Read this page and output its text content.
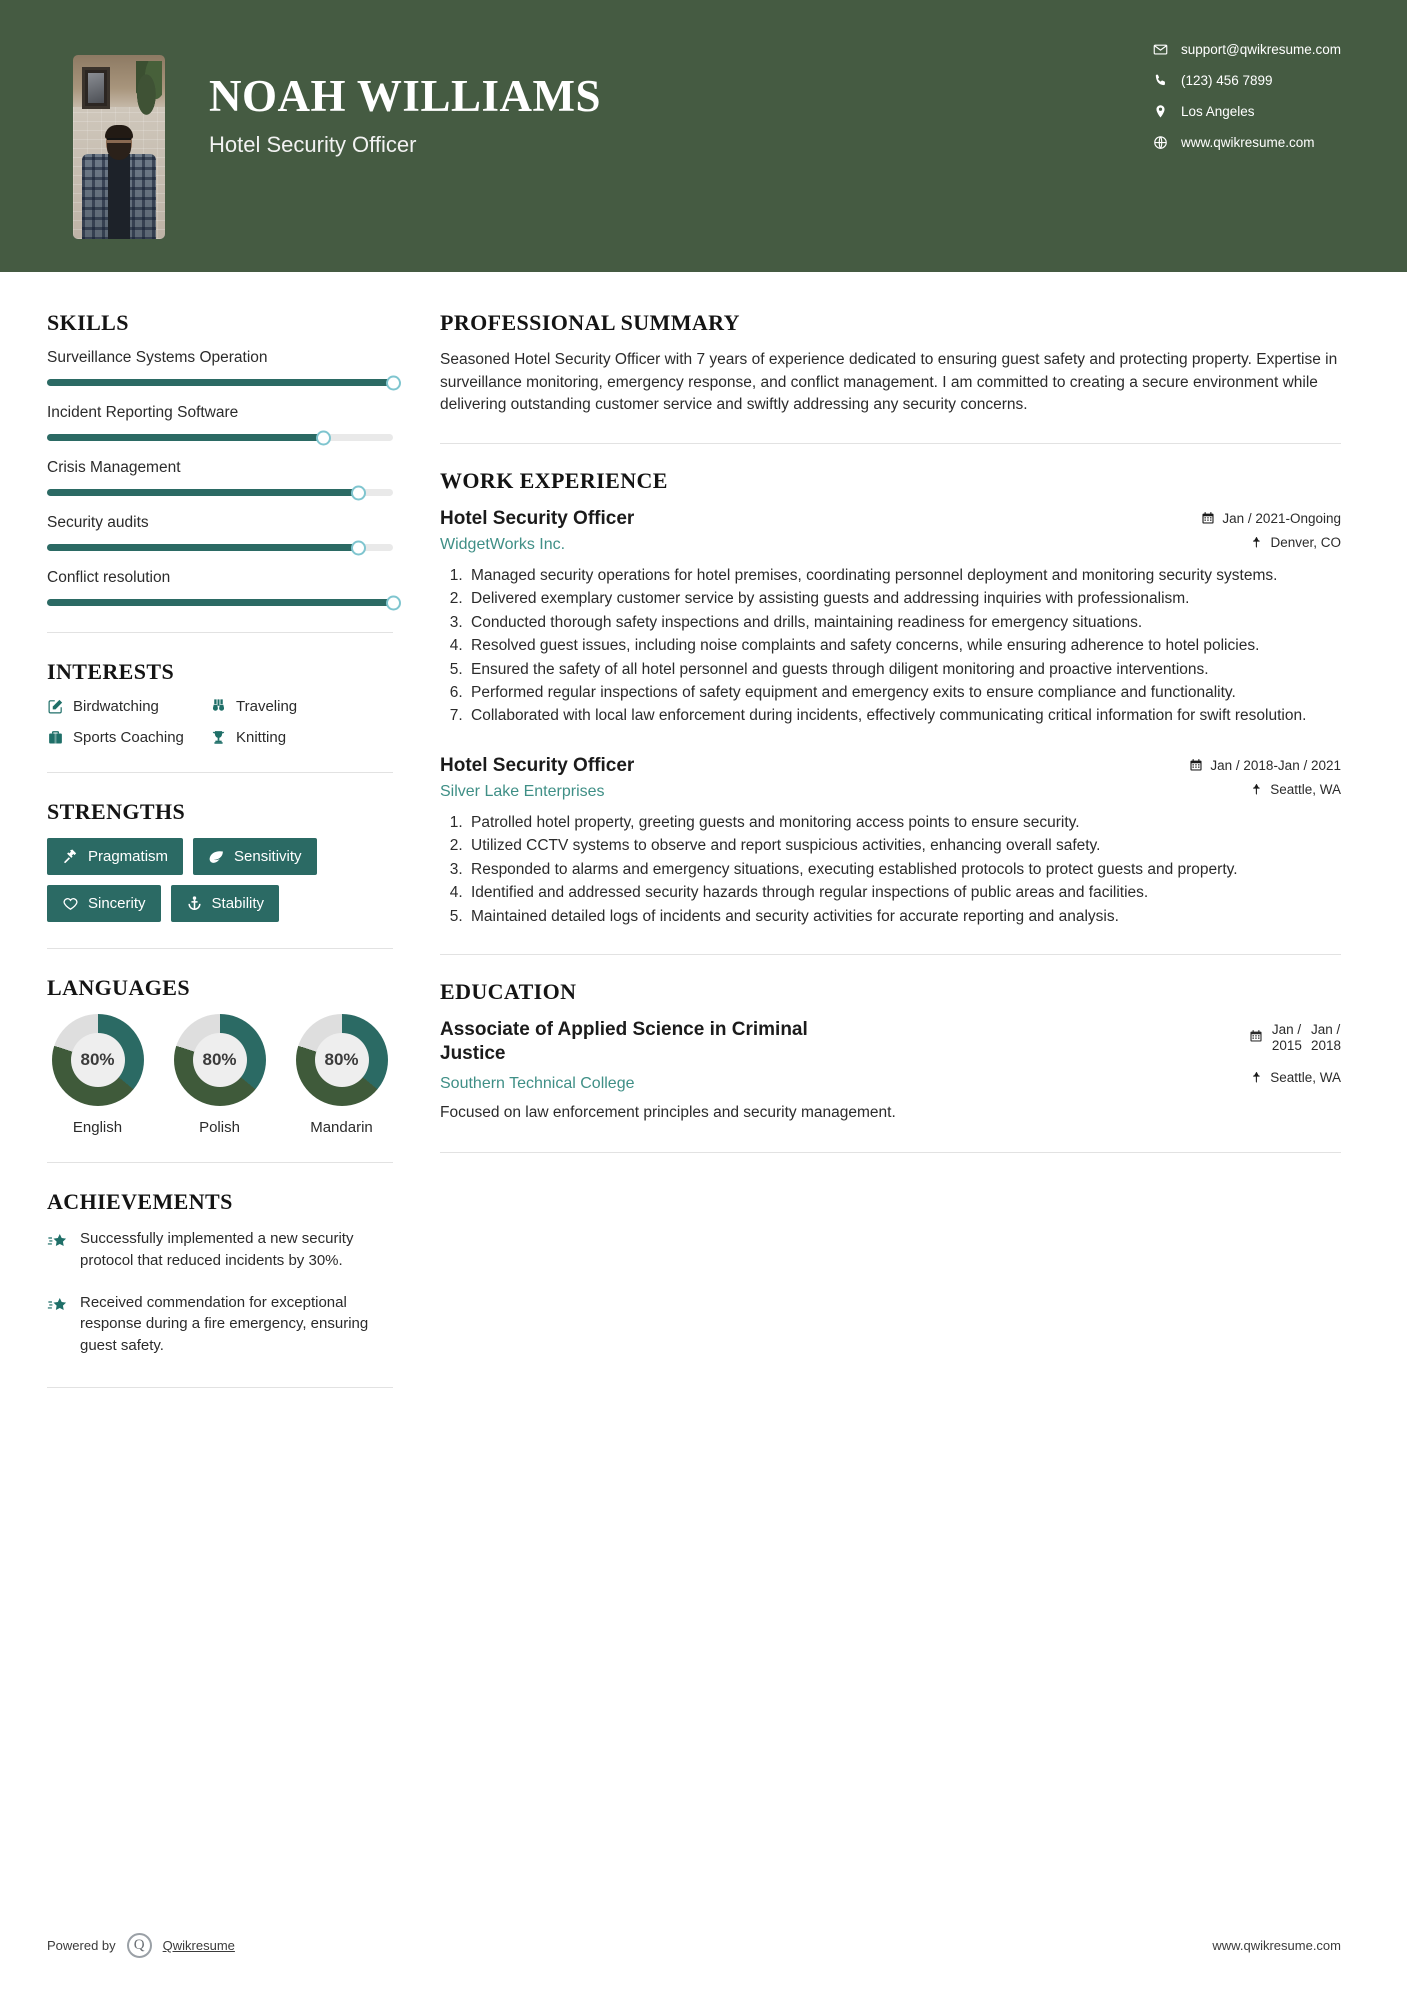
NOAH WILLIAMS
Hotel Security Officer
support@qwikresume.com
(123) 456 7899
Los Angeles
www.qwikresume.com
SKILLS
Surveillance Systems Operation
Incident Reporting Software
Crisis Management
Security audits
Conflict resolution
INTERESTS
Birdwatching	Traveling
Sports Coaching	Knitting
STRENGTHS
Pragmatism	Sensitivity
Sincerity	Stability
LANGUAGES
80%
English
80%
Polish
80%
Mandarin
ACHIEVEMENTS
Successfully implemented a new security protocol that reduced incidents by 30%.
Received commendation for exceptional response during a fire emergency, ensuring guest safety.
PROFESSIONAL SUMMARY
Seasoned Hotel Security Officer with 7 years of experience dedicated to ensuring guest safety and protecting property. Expertise in surveillance monitoring, emergency response, and conflict management. I am committed to creating a secure environment while delivering outstanding customer service and swiftly addressing any security concerns.
WORK EXPERIENCE
Hotel Security Officer
WidgetWorks Inc.
Jan / 2021-Ongoing
Denver, CO
1. Managed security operations for hotel premises, coordinating personnel deployment and monitoring security systems.
2. Delivered exemplary customer service by assisting guests and addressing inquiries with professionalism.
3. Conducted thorough safety inspections and drills, maintaining readiness for emergency situations.
4. Resolved guest issues, including noise complaints and safety concerns, while ensuring adherence to hotel policies.
5. Ensured the safety of all hotel personnel and guests through diligent monitoring and proactive interventions.
6. Performed regular inspections of safety equipment and emergency exits to ensure compliance and functionality.
7. Collaborated with local law enforcement during incidents, effectively communicating critical information for swift resolution.
Hotel Security Officer
Silver Lake Enterprises
Jan / 2018-Jan / 2021
Seattle, WA
1. Patrolled hotel property, greeting guests and monitoring access points to ensure security.
2. Utilized CCTV systems to observe and report suspicious activities, enhancing overall safety.
3. Responded to alarms and emergency situations, executing established protocols to protect guests and property.
4. Identified and addressed security hazards through regular inspections of public areas and facilities.
5. Maintained detailed logs of incidents and security activities for accurate reporting and analysis.
EDUCATION
Associate of Applied Science in Criminal Justice
Jan /
2015
Jan /
2018
Southern Technical College	Seattle, WA
Focused on law enforcement principles and security management.
Powered by	Q	Qwikresume	www.qwikresume.com
